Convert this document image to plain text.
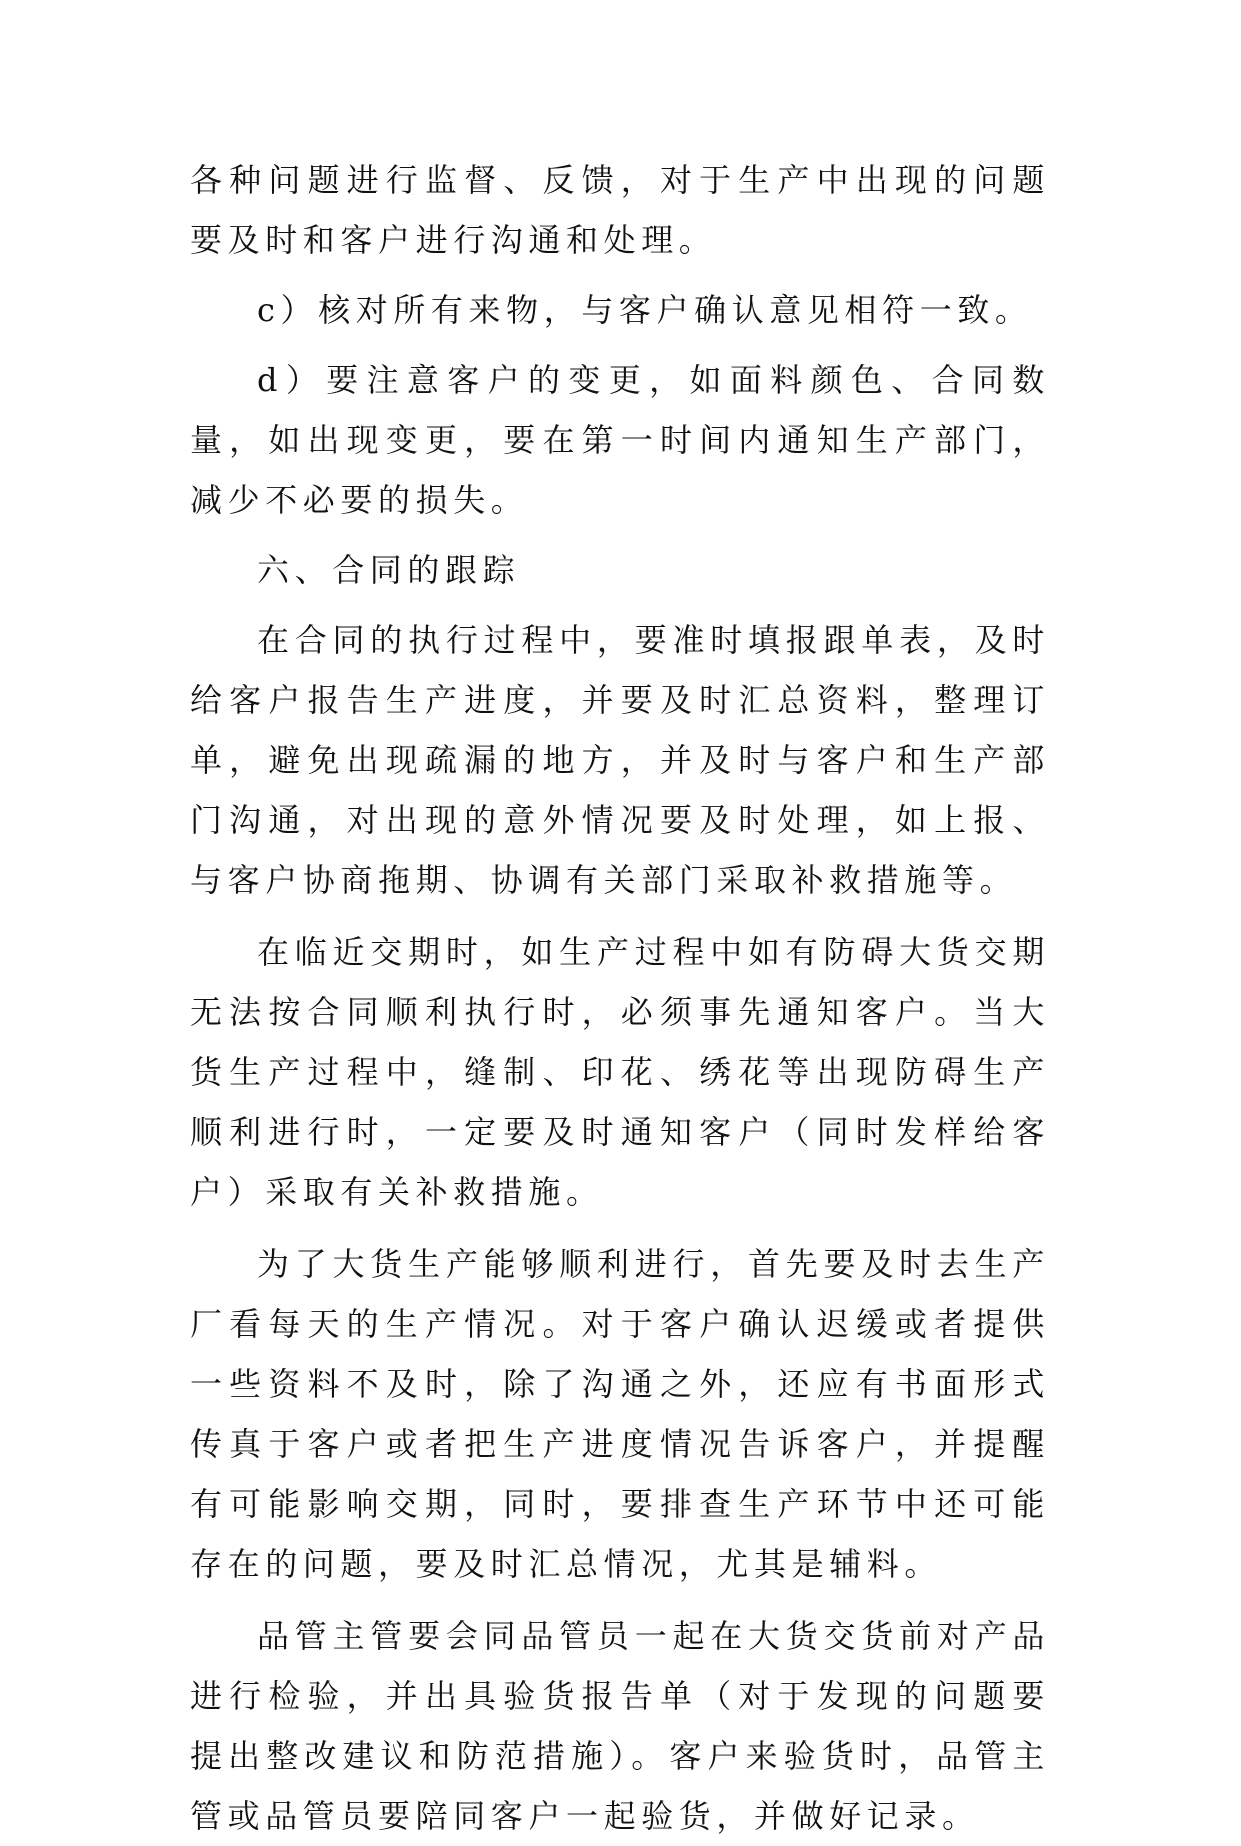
各种问题进行监督、反馈，对于生产中出现的问题要及时和客户进行沟通和处理。

c）核对所有来物，与客户确认意见相符一致。

d）要注意客户的变更，如面料颜色、合同数量，如出现变更，要在第一时间内通知生产部门，减少不必要的损失。

六、合同的跟踪

在合同的执行过程中，要准时填报跟单表，及时给客户报告生产进度，并要及时汇总资料，整理订单，避免出现疏漏的地方，并及时与客户和生产部门沟通，对出现的意外情况要及时处理，如上报、与客户协商拖期、协调有关部门采取补救措施等。

在临近交期时，如生产过程中如有防碍大货交期无法按合同顺利执行时，必须事先通知客户。当大货生产过程中，缝制、印花、绣花等出现防碍生产顺利进行时，一定要及时通知客户（同时发样给客户）采取有关补救措施。

为了大货生产能够顺利进行，首先要及时去生产厂看每天的生产情况。对于客户确认迟缓或者提供一些资料不及时，除了沟通之外，还应有书面形式传真于客户或者把生产进度情况告诉客户，并提醒有可能影响交期，同时，要排查生产环节中还可能存在的问题，要及时汇总情况，尤其是辅料。

品管主管要会同品管员一起在大货交货前对产品进行检验，并出具验货报告单（对于发现的问题要提出整改建议和防范措施）。客户来验货时，品管主管或品管员要陪同客户一起验货，并做好记录。
